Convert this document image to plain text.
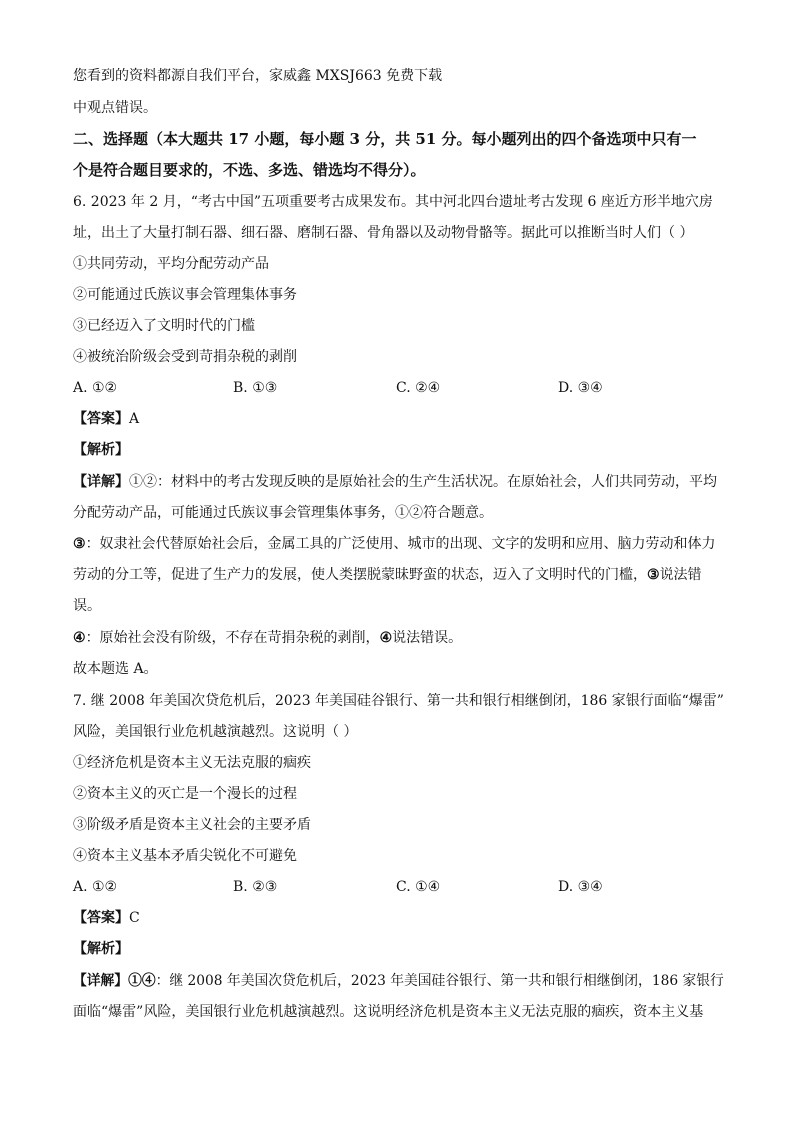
您看到的资料都源自我们平台，家威鑫 MXSJ663 免费下载
中观点错误。
二、选择题（本大题共 17 小题，每小题 3 分，共 51 分。每小题列出的四个备选项中只有一
个是符合题目要求的，不选、多选、错选均不得分）。
6. 2023 年 2 月，“考古中国”五项重要考古成果发布。其中河北四台遗址考古发现 6 座近方形半地穴房
址，出土了大量打制石器、细石器、磨制石器、骨角器以及动物骨骼等。据此可以推断当时人们（ ）
①共同劳动，平均分配劳动产品
②可能通过氏族议事会管理集体事务
③已经迈入了文明时代的门槛
④被统治阶级会受到苛捐杂税的剥削
A. ①②	B. ①③	C. ②④	D. ③④
【答案】A
【解析】
【详解】①②：材料中的考古发现反映的是原始社会的生产生活状况。在原始社会，人们共同劳动，平均
分配劳动产品，可能通过氏族议事会管理集体事务，①②符合题意。
③：奴隶社会代替原始社会后，金属工具的广泛使用、城市的出现、文字的发明和应用、脑力劳动和体力
劳动的分工等，促进了生产力的发展，使人类摆脱蒙昧野蛮的状态，迈入了文明时代的门槛，③说法错
误。
④：原始社会没有阶级，不存在苛捐杂税的剥削，④说法错误。
故本题选 A。
7. 继 2008 年美国次贷危机后，2023 年美国硅谷银行、第一共和银行相继倒闭，186 家银行面临“爆雷”
风险，美国银行业危机越演越烈。这说明（ ）
①经济危机是资本主义无法克服的痼疾
②资本主义的灭亡是一个漫长的过程
③阶级矛盾是资本主义社会的主要矛盾
④资本主义基本矛盾尖锐化不可避免
A. ①②	B. ②③	C. ①④	D. ③④
【答案】C
【解析】
【详解】①④：继 2008 年美国次贷危机后，2023 年美国硅谷银行、第一共和银行相继倒闭，186 家银行
面临“爆雷”风险，美国银行业危机越演越烈。这说明经济危机是资本主义无法克服的痼疾，资本主义基
